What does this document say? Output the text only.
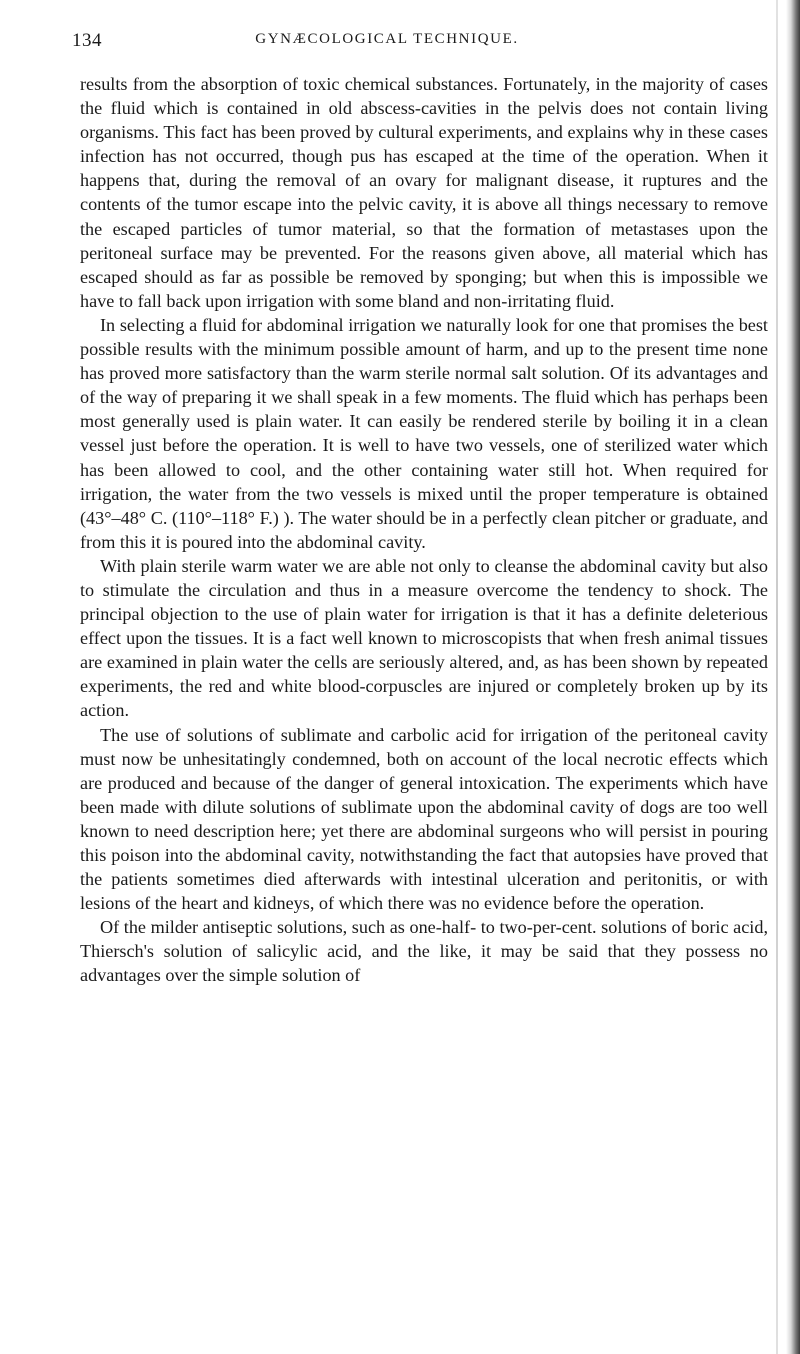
134	GYNÆCOLOGICAL TECHNIQUE.

results from the absorption of toxic chemical substances. Fortunately, in the majority of cases the fluid which is contained in old abscess-cavities in the pelvis does not contain living organisms. This fact has been proved by cultural experiments, and explains why in these cases infection has not occurred, though pus has escaped at the time of the operation. When it happens that, during the removal of an ovary for malignant disease, it ruptures and the contents of the tumor escape into the pelvic cavity, it is above all things necessary to remove the escaped particles of tumor material, so that the formation of metastases upon the peritoneal surface may be prevented. For the reasons given above, all material which has escaped should as far as possible be removed by sponging; but when this is impossible we have to fall back upon irrigation with some bland and non-irritating fluid.

In selecting a fluid for abdominal irrigation we naturally look for one that promises the best possible results with the minimum possible amount of harm, and up to the present time none has proved more satisfactory than the warm sterile normal salt solution. Of its advantages and of the way of preparing it we shall speak in a few moments. The fluid which has perhaps been most generally used is plain water. It can easily be rendered sterile by boiling it in a clean vessel just before the operation. It is well to have two vessels, one of sterilized water which has been allowed to cool, and the other containing water still hot. When required for irrigation, the water from the two vessels is mixed until the proper temperature is obtained (43°–48° C. (110°–118° F.) ). The water should be in a perfectly clean pitcher or graduate, and from this it is poured into the abdominal cavity.

With plain sterile warm water we are able not only to cleanse the abdominal cavity but also to stimulate the circulation and thus in a measure overcome the tendency to shock. The principal objection to the use of plain water for irrigation is that it has a definite deleterious effect upon the tissues. It is a fact well known to microscopists that when fresh animal tissues are examined in plain water the cells are seriously altered, and, as has been shown by repeated experiments, the red and white blood-corpuscles are injured or completely broken up by its action.

The use of solutions of sublimate and carbolic acid for irrigation of the peritoneal cavity must now be unhesitatingly condemned, both on account of the local necrotic effects which are produced and because of the danger of general intoxication. The experiments which have been made with dilute solutions of sublimate upon the abdominal cavity of dogs are too well known to need description here; yet there are abdominal surgeons who will persist in pouring this poison into the abdominal cavity, notwithstanding the fact that autopsies have proved that the patients sometimes died afterwards with intestinal ulceration and peritonitis, or with lesions of the heart and kidneys, of which there was no evidence before the operation.

Of the milder antiseptic solutions, such as one-half- to two-per-cent. solutions of boric acid, Thiersch's solution of salicylic acid, and the like, it may be said that they possess no advantages over the simple solution of
